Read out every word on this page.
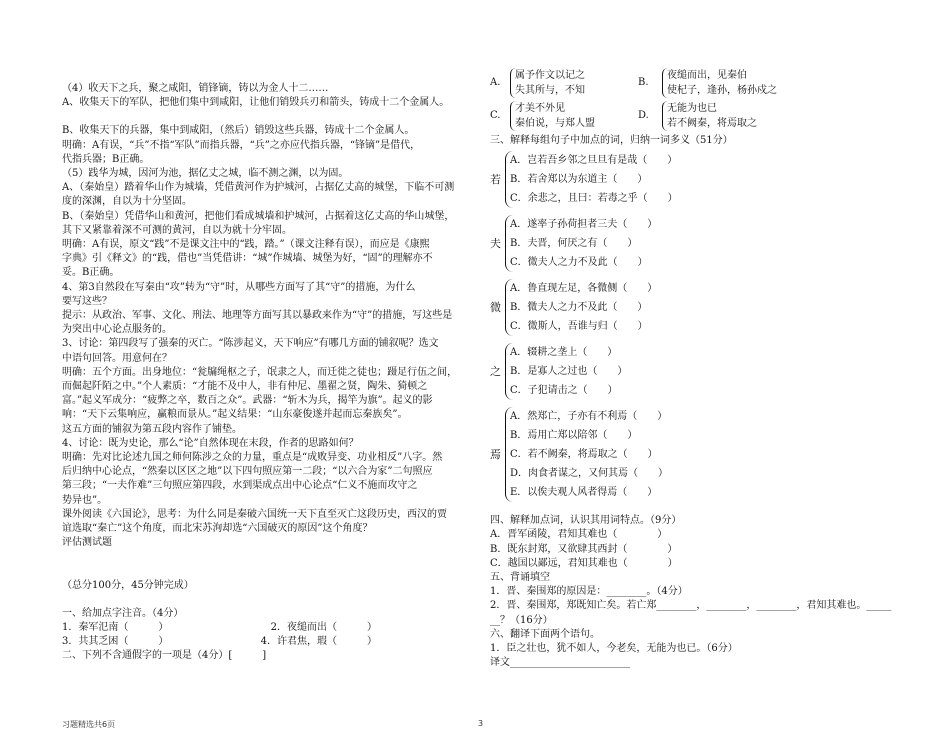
（4）收天下之兵，聚之咸阳，销锋镝，铸以为金人十二……
A、收集天下的军队，把他们集中到咸阳，让他们销毁兵刃和箭头，铸成十二个金属人。
B、收集天下的兵器，集中到咸阳，（然后）销毁这些兵器，铸成十二个金属人。
明确：A有误，“兵”不指“军队”而指兵器，“兵”之亦应代指兵器，“锋镝”是借代，
代指兵器；B正确。
（5）践华为城，因河为池，据亿丈之城，临不测之渊，以为固。
A、（秦始皇）踏着华山作为城墙，凭借黄河作为护城河，占据亿丈高的城堡，下临不可测
度的深渊，自以为十分坚固。
B、（秦始皇）凭借华山和黄河，把他们看成城墙和护城河，占据着这亿丈高的华山城堡，
其下又紧靠着深不可测的黄河，自以为就十分牢固。
明确：A有误，原文“践”不是课文注中的“践，踏。”（课文注释有误），而应是《康熙
字典》引《释文》的“践，借也”当凭借讲：“城”作城墙、城堡为好，“固”的理解亦不
妥。B正确。
4、第3自然段在写秦由“攻”转为“守”时，从哪些方面写了其“守”的措施，为什么
要写这些？
提示：从政治、军事、文化、刑法、地理等方面写其以暴政来作为“守”的措施，写这些是
为突出中心论点服务的。
3、讨论：第四段写了强秦的灭亡。“陈涉起义，天下响应”有哪几方面的铺叙呢？选文
中语句回答。用意何在？
明确：五个方面。出身地位：“瓮牖绳枢之子，氓隶之人，而迁徙之徒也；蹑足行伍之间，
而倔起阡陌之中。”个人素质：“才能不及中人，非有仲尼、墨翟之贤，陶朱、猗顿之
富。”起义军成分：“疲弊之卒，数百之众”。武器：“斩木为兵，揭竿为旗”。起义的影
响：“天下云集响应，赢粮而景从。”起义结果：“山东豪俊遂并起而忘秦族矣”。
这五方面的铺叙为第五段内容作了铺垫。
4、讨论：既为史论，那么“论”自然体现在末段，作者的思路如何？
明确：先对比论述九国之师何陈涉之众的力量，重点是“成败异变、功业相反”八字。然
后归纳中心论点，“然秦以区区之地”以下四句照应第一二段；“以六合为家”二句照应
第三段；“一夫作难”三句照应第四段，水到渠成点出中心论点“仁义不施而攻守之
势异也”。
课外阅读《六国论》，思考：为什么同是秦破六国统一天下直至灭亡这段历史，西汉的贾
谊选取“秦亡”这个角度，而北宋苏洵却选“六国破灭的原因”这个角度？
评估测试题
（总分100分，45分钟完成）
一、给加点字注音。（4分）
1．秦军氾南（　　　）	2．夜缒而出（　　　）
3．共其乏困（　　　）	4．许君焦，瑕（　　　）
二、下列不含通假字的一项是（4分）[　　　]
A.
属予作文以记之
失其所与，不知
B.
夜缒而出，见秦伯
使杞子，逢孙，杨孙戍之
C.
才美不外见
秦伯说，与郑人盟
D.
无能为也已
若不阙秦，将焉取之
三、解释每组句子中加点的词，归纳一词多义（51分）
若
A．岂若吾乡邻之旦旦有是哉（　　）
B．若舍郑以为东道主（　　）
C．余悲之，且曰：若毒之乎（　　）
夫
A．遂率子孙荷担者三夫（　　）
B．夫晋，何厌之有（　　）
C．微夫人之力不及此（　　）
微
A．鲁直现左足，各微侧（　　）
B．微夫人之力不及此（　　）
C．微斯人，吾谁与归（　　）
之
A．辍耕之垄上（　　）
B．是寡人之过也（　　）
C．子犯请击之（　　）
焉
A．然郑亡，子亦有不利焉（　　）
B．焉用亡郑以陪邻（　　）
C．若不阙秦，将焉取之（　　）
D．肉食者谋之，又何其焉（　　）
E．以俟夫观人风者得焉（　　）
四、解释加点词，认识其用词特点。（9分）
A．晋军函陵，君知其难也（　　　　）
B．既东封郑，又欲肆其西封（　　　　）
C．越国以鄙远，君知其难也（　　　　）
五、背诵填空
1．晋、秦围郑的原因是：________。（4分）
2．晋、秦围郑，郑既知亡矣。若亡郑________，________，________，君知其难也。_____
__？（16分）
六、翻译下面两个语句。
1．臣之壮也，犹不如人，今老矣，无能为也已。（6分）
译文________________________
习题精选共6页	3
